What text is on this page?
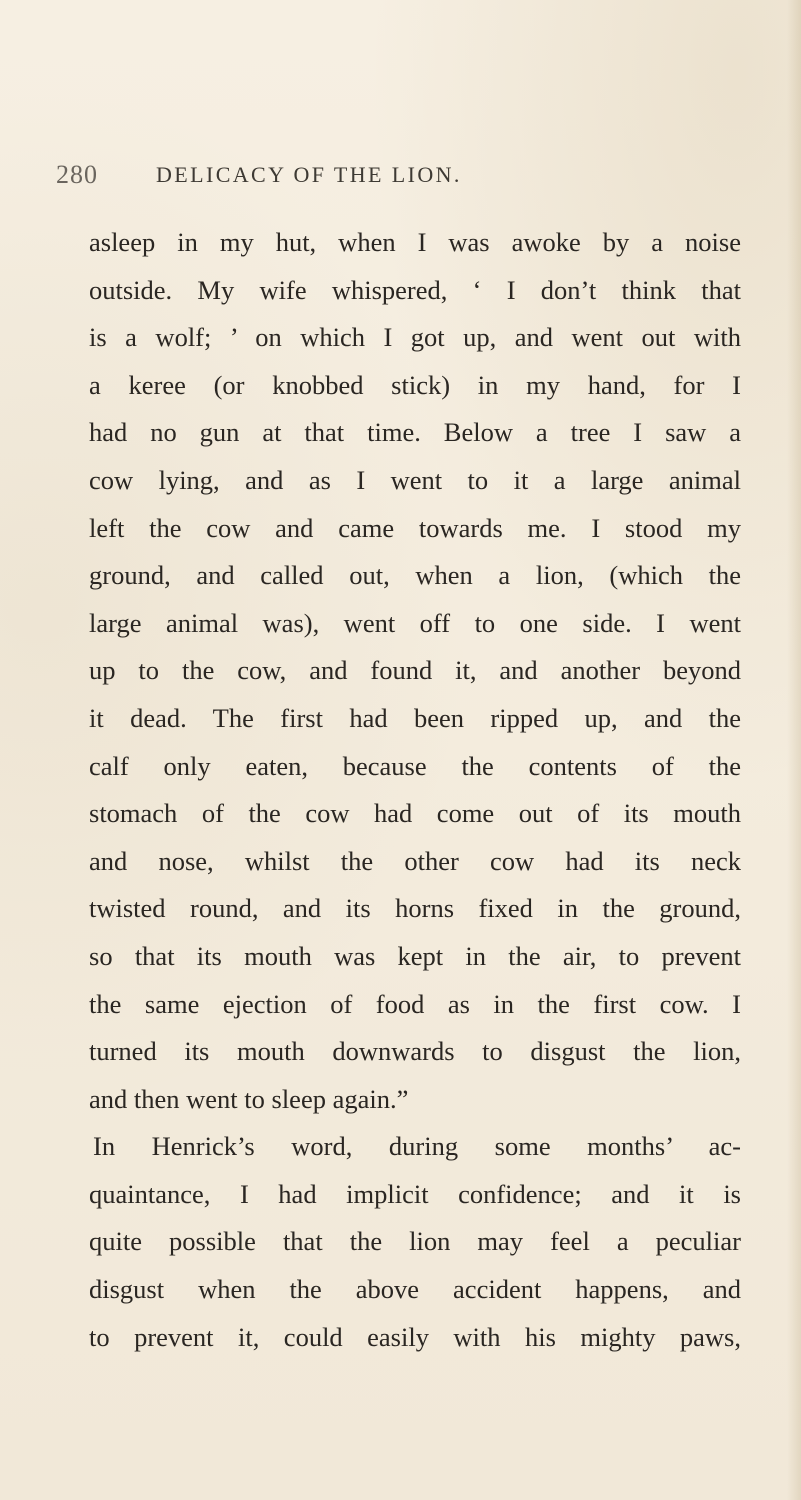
280	DELICACY OF THE LION.
asleep in my hut, when I was awoke by a noise
outside. My wife whispered, ‘ I don’t think that
is a wolf; ’ on which I got up, and went out with
a keree (or knobbed stick) in my hand, for I
had no gun at that time. Below a tree I saw a
cow lying, and as I went to it a large animal
left the cow and came towards me. I stood my
ground, and called out, when a lion, (which the
large animal was), went off to one side. I went
up to the cow, and found it, and another beyond
it dead. The first had been ripped up, and the
calf only eaten, because the contents of the
stomach of the cow had come out of its mouth
and nose, whilst the other cow had its neck
twisted round, and its horns fixed in the ground,
so that its mouth was kept in the air, to prevent
the same ejection of food as in the first cow. I
turned its mouth downwards to disgust the lion,
and then went to sleep again.”
In Henrick’s word, during some months’ ac-
quaintance, I had implicit confidence; and it is
quite possible that the lion may feel a peculiar
disgust when the above accident happens, and
to prevent it, could easily with his mighty paws,
